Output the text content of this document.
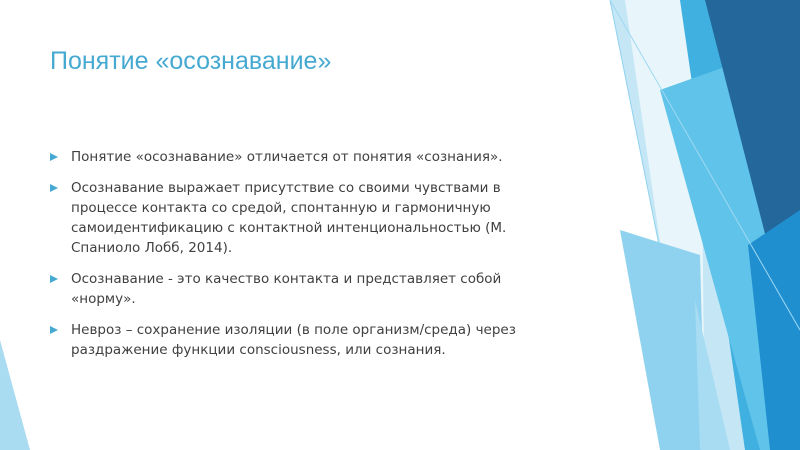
Понятие «осознавание»
Понятие «осознавание» отличается от понятия «сознания».
Осознавание выражает присутствие со своими чувствами в процессе контакта со средой, спонтанную и гармоничную самоидентификацию с контактной интенциональностью (М. Спаниоло Лобб, 2014).
Осознавание - это качество контакта и представляет собой «норму».
Невроз – сохранение изоляции (в поле организм/среда) через раздражение функции consciousness, или сознания.
